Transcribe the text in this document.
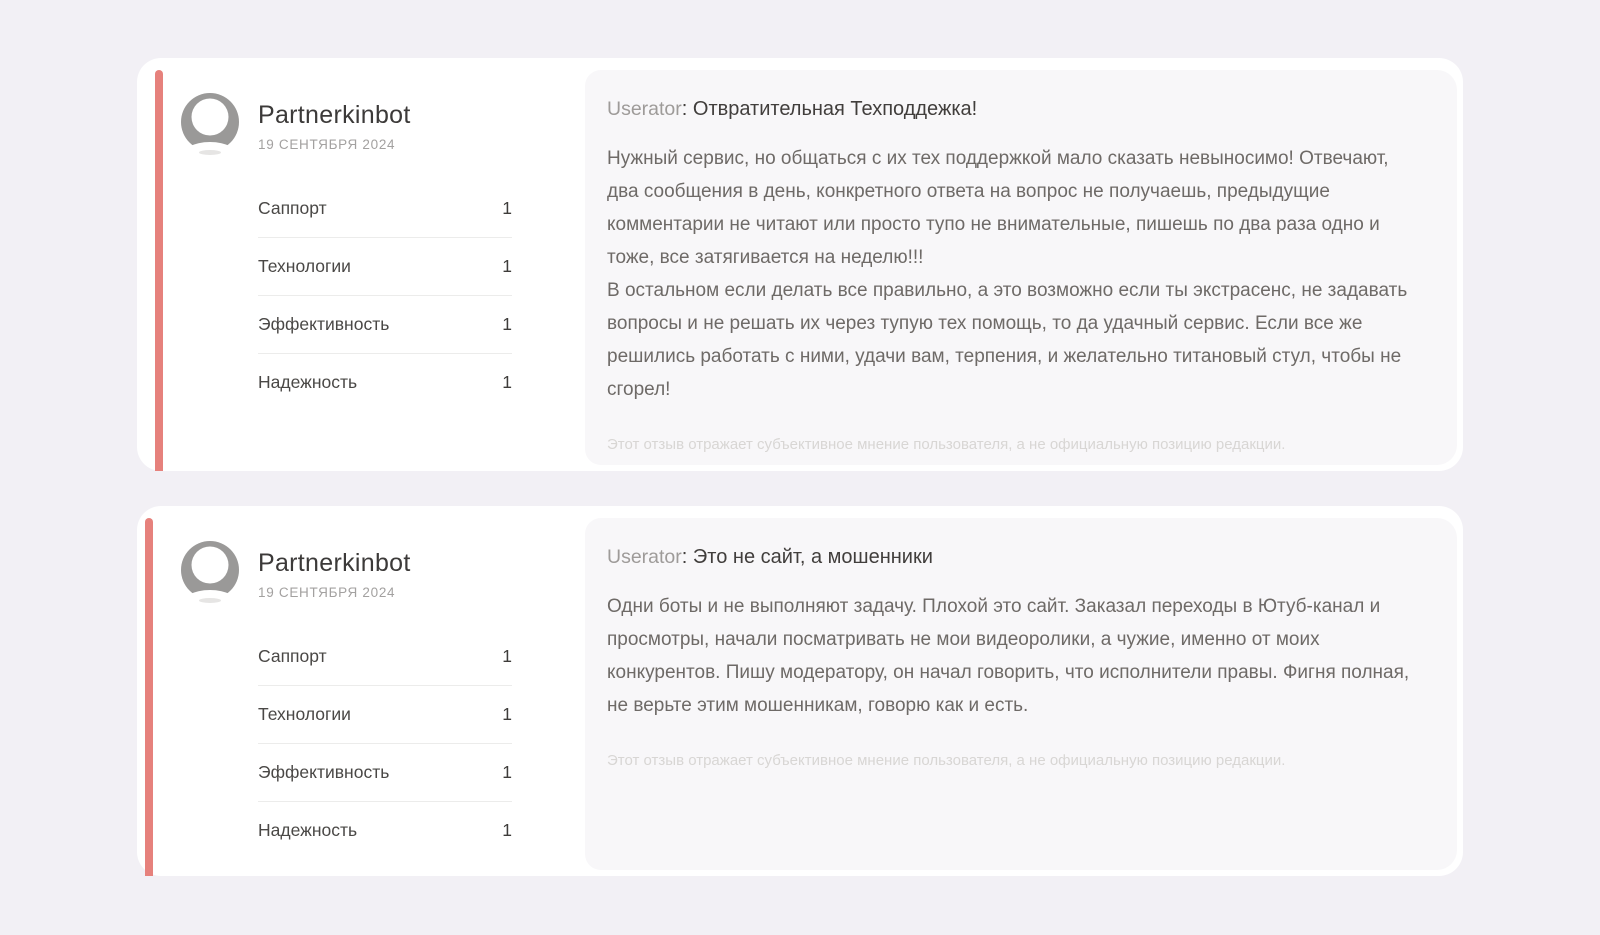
Partnerkinbot
19 СЕНТЯБРЯ 2024
Саппорт	1
Технологии	1
Эффективность	1
Надежность	1
Userator: Отвратительная Техподдежка!

Нужный сервис, но общаться с их тех поддержкой мало сказать невыносимо! Отвечают, два сообщения в день, конкретного ответа на вопрос не получаешь, предыдущие комментарии не читают или просто тупо не внимательные, пишешь по два раза одно и тоже, все затягивается на неделю!!!

В остальном если делать все правильно, а это возможно если ты экстрасенс, не задавать вопросы и не решать их через тупую тех помощь, то да удачный сервис. Если все же решились работать с ними, удачи вам, терпения, и желательно титановый стул, чтобы не сгорел!

Этот отзыв отражает субъективное мнение пользователя, а не официальную позицию редакции.

Partnerkinbot
19 СЕНТЯБРЯ 2024
Саппорт	1
Технологии	1
Эффективность	1
Надежность	1
Userator: Это не сайт, а мошенники

Одни боты и не выполняют задачу. Плохой это сайт. Заказал переходы в Ютуб-канал и просмотры, начали посматривать не мои видеоролики, а чужие, именно от моих конкурентов. Пишу модератору, он начал говорить, что исполнители правы. Фигня полная, не верьте этим мошенникам, говорю как и есть.

Этот отзыв отражает субъективное мнение пользователя, а не официальную позицию редакции.
